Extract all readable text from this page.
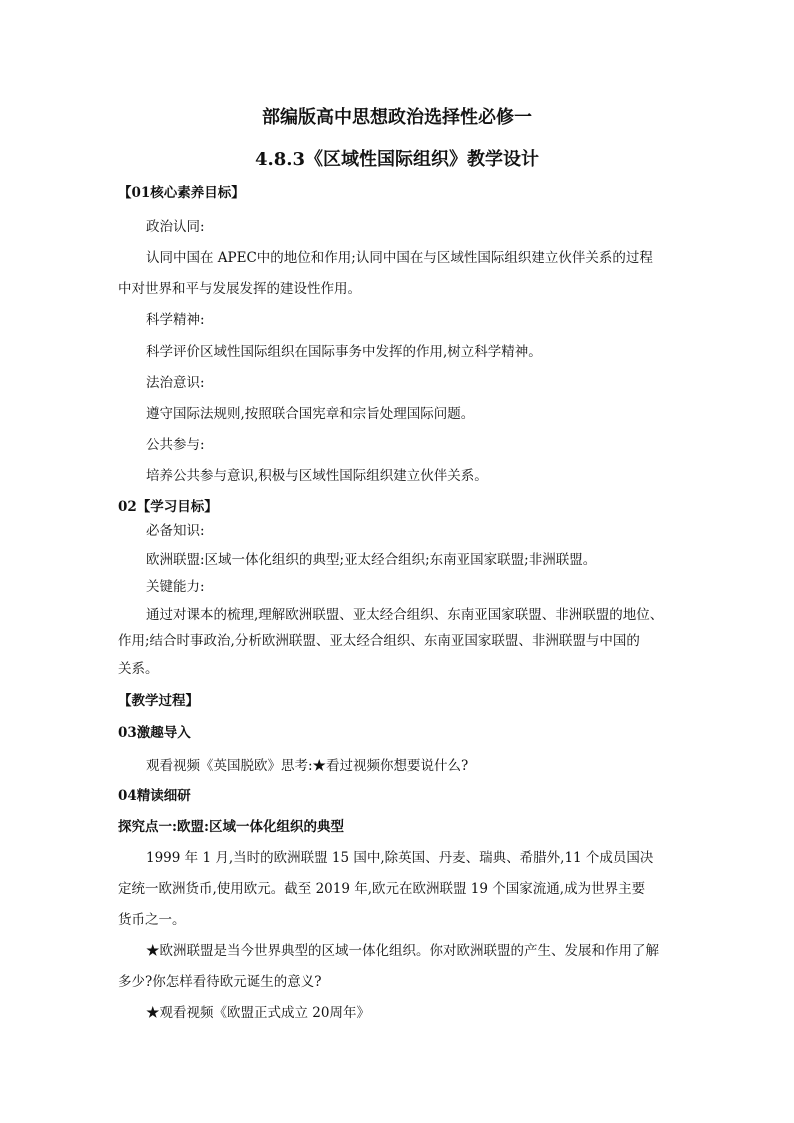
部编版高中思想政治选择性必修一
4.8.3《区域性国际组织》教学设计
【01核心素养目标】
政治认同:
认同中国在 APEC中的地位和作用;认同中国在与区域性国际组织建立伙伴关系的过程
中对世界和平与发展发挥的建设性作用。
科学精神:
科学评价区域性国际组织在国际事务中发挥的作用,树立科学精神。
法治意识:
遵守国际法规则,按照联合国宪章和宗旨处理国际问题。
公共参与:
培养公共参与意识,积极与区域性国际组织建立伙伴关系。
02【学习目标】
必备知识:
欧洲联盟:区域一体化组织的典型;亚太经合组织;东南亚国家联盟;非洲联盟。
关键能力:
通过对课本的梳理,理解欧洲联盟、亚太经合组织、东南亚国家联盟、非洲联盟的地位、
作用;结合时事政治,分析欧洲联盟、亚太经合组织、东南亚国家联盟、非洲联盟与中国的
关系。
【教学过程】
03激趣导入
观看视频《英国脱欧》思考:★看过视频你想要说什么?
04精读细研
探究点一:欧盟:区域一体化组织的典型
1999 年 1 月,当时的欧洲联盟 15 国中,除英国、丹麦、瑞典、希腊外,11 个成员国决
定统一欧洲货币,使用欧元。截至 2019 年,欧元在欧洲联盟 19 个国家流通,成为世界主要
货币之一。
★欧洲联盟是当今世界典型的区域一体化组织。你对欧洲联盟的产生、发展和作用了解
多少?你怎样看待欧元诞生的意义?
★观看视频《欧盟正式成立 20周年》
